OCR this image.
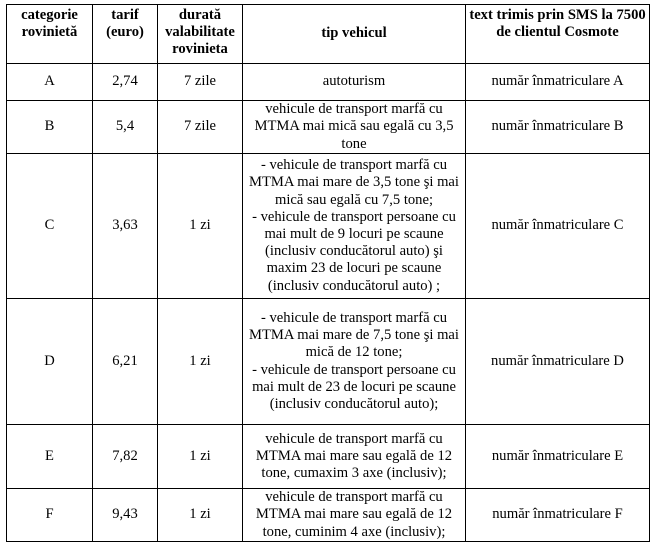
categorie rovinietă	tarif (euro)	durată valabilitate rovinieta	tip vehicul	text trimis prin SMS la 7500 de clientul Cosmote
A	2,74	7 zile	autoturism	număr înmatriculare A
B	5,4	7 zile	vehicule de transport marfă cu MTMA mai mică sau egală cu 3,5 tone	număr înmatriculare B
C	3,63	1 zi	- vehicule de transport marfă cu MTMA mai mare de 3,5 tone şi mai mică sau egală cu 7,5 tone;
- vehicule de transport persoane cu mai mult de 9 locuri pe scaune (inclusiv conducătorul auto) şi maxim 23 de locuri pe scaune (inclusiv conducătorul auto) ;	număr înmatriculare C
D	6,21	1 zi	- vehicule de transport marfă cu MTMA mai mare de 7,5 tone şi mai mică de 12 tone;
- vehicule de transport persoane cu mai mult de 23 de locuri pe scaune (inclusiv conducătorul auto);	număr înmatriculare D
E	7,82	1 zi	vehicule de transport marfă cu MTMA mai mare sau egală de 12 tone, cumaxim 3 axe (inclusiv);	număr înmatriculare E
F	9,43	1 zi	vehicule de transport marfă cu MTMA mai mare sau egală de 12 tone, cuminim 4 axe (inclusiv);	număr înmatriculare F
